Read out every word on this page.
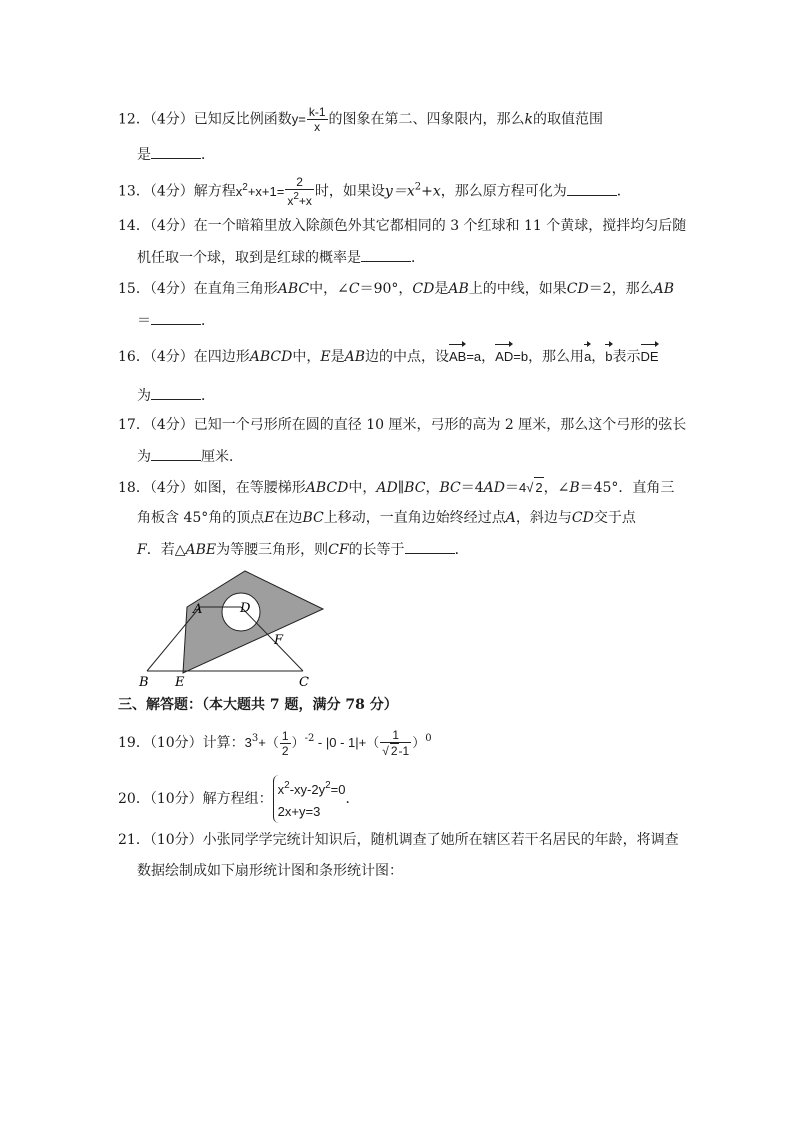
12．（4分）已知反比例函数$y= \frac{k-1}{x}$ 的图象在第二、四象限内，那么k的取值范围
是	．
13．（4分）解方程$x^2+x+1= \frac{2}{x^2+x}$ 时，如果设$y=x^2+x$，那么原方程可化为	．
14．（4分）在一个暗箱里放入除颜色外其它都相同的 3 个红球和 11 个黄球，搅拌均匀后随
机任取一个球，取到是红球的概率是	．
15．（4分）在直角三角形ABC中，∠C＝90°，CD是AB上的中线，如果CD＝2，那么AB
＝	．
16．（4分）在四边形ABCD中，E是AB边的中点，设AB=a，AD=b，那么用a，b表示DE
为	．
17．（4分）已知一个弓形所在圆的直径 10 厘米，弓形的高为 2 厘米，那么这个弓形的弦长
为	厘米．
18．（4分）如图，在等腰梯形ABCD中，AD∥BC，BC＝4AD＝4√ 2，∠B＝45°．直角三
角板含 45°角的顶点E在边BC上移动，一直角边始终经过点A，斜边与CD交于点
F．若△ABE为等腰三角形，则CF的长等于	．
A	D
F
B E	C
三、解答题：（本大题共 7 题，满分 78 分）
19．（10分）计算：$3^3+( \frac{1}{2} )^{-2} - |0 - 1|+( \frac{1}{√ 2-1} )^0$
20．（10分）解方程组：
$x^2-xy-2y^2=0$
2x+y=3
．
21．（10分）小张同学学完统计知识后，随机调查了她所在辖区若干名居民的年龄，将调查
数据绘制成如下扇形统计图和条形统计图：
